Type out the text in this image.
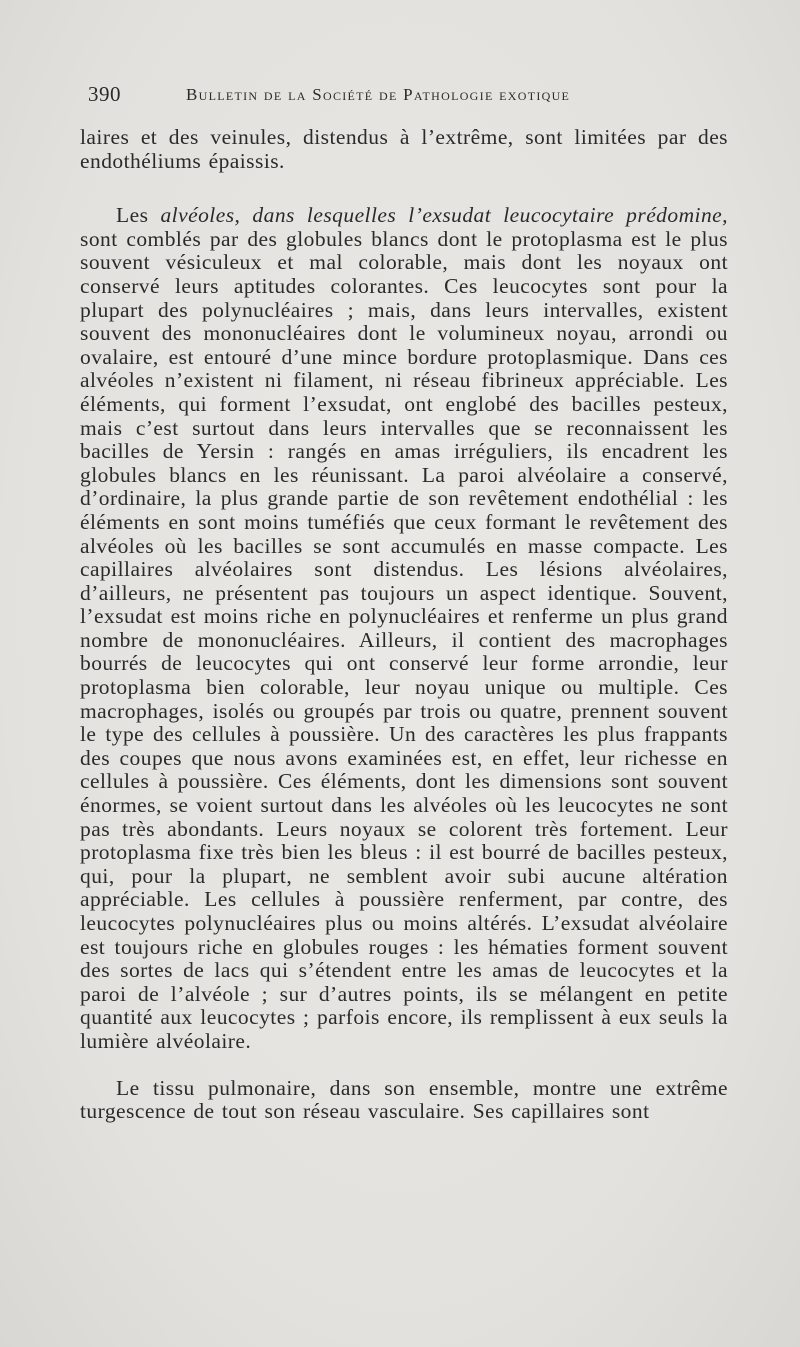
390	Bulletin de la Société de Pathologie exotique

laires et des veinules, distendus à l’extrême, sont limitées par des endothéliums épaissis.

Les alvéoles, dans lesquelles l’exsudat leucocytaire prédomine, sont comblés par des globules blancs dont le protoplasma est le plus souvent vésiculeux et mal colorable, mais dont les noyaux ont conservé leurs aptitudes colorantes. Ces leucocytes sont pour la plupart des polynucléaires ; mais, dans leurs intervalles, existent souvent des mononucléaires dont le volumineux noyau, arrondi ou ovalaire, est entouré d’une mince bordure protoplasmique. Dans ces alvéoles n’existent ni filament, ni réseau fibrineux appréciable. Les éléments, qui forment l’exsudat, ont englobé des bacilles pesteux, mais c’est surtout dans leurs intervalles que se reconnaissent les bacilles de Yersin : rangés en amas irréguliers, ils encadrent les globules blancs en les réunissant. La paroi alvéolaire a conservé, d’ordinaire, la plus grande partie de son revêtement endothélial : les éléments en sont moins tuméfiés que ceux formant le revêtement des alvéoles où les bacilles se sont accumulés en masse compacte. Les capillaires alvéolaires sont distendus. Les lésions alvéolaires, d’ailleurs, ne présentent pas toujours un aspect identique. Souvent, l’exsudat est moins riche en polynucléaires et renferme un plus grand nombre de mononucléaires. Ailleurs, il contient des macrophages bourrés de leucocytes qui ont conservé leur forme arrondie, leur protoplasma bien colorable, leur noyau unique ou multiple. Ces macrophages, isolés ou groupés par trois ou quatre, prennent souvent le type des cellules à poussière. Un des caractères les plus frappants des coupes que nous avons examinées est, en effet, leur richesse en cellules à poussière. Ces éléments, dont les dimensions sont souvent énormes, se voient surtout dans les alvéoles où les leucocytes ne sont pas très abondants. Leurs noyaux se colorent très fortement. Leur protoplasma fixe très bien les bleus : il est bourré de bacilles pesteux, qui, pour la plupart, ne semblent avoir subi aucune altération appréciable. Les cellules à poussière renferment, par contre, des leucocytes polynucléaires plus ou moins altérés. L’exsudat alvéolaire est toujours riche en globules rouges : les hématies forment souvent des sortes de lacs qui s’étendent entre les amas de leucocytes et la paroi de l’alvéole ; sur d’autres points, ils se mélangent en petite quantité aux leucocytes ; parfois encore, ils remplissent à eux seuls la lumière alvéolaire.

Le tissu pulmonaire, dans son ensemble, montre une extrême turgescence de tout son réseau vasculaire. Ses capillaires sont
